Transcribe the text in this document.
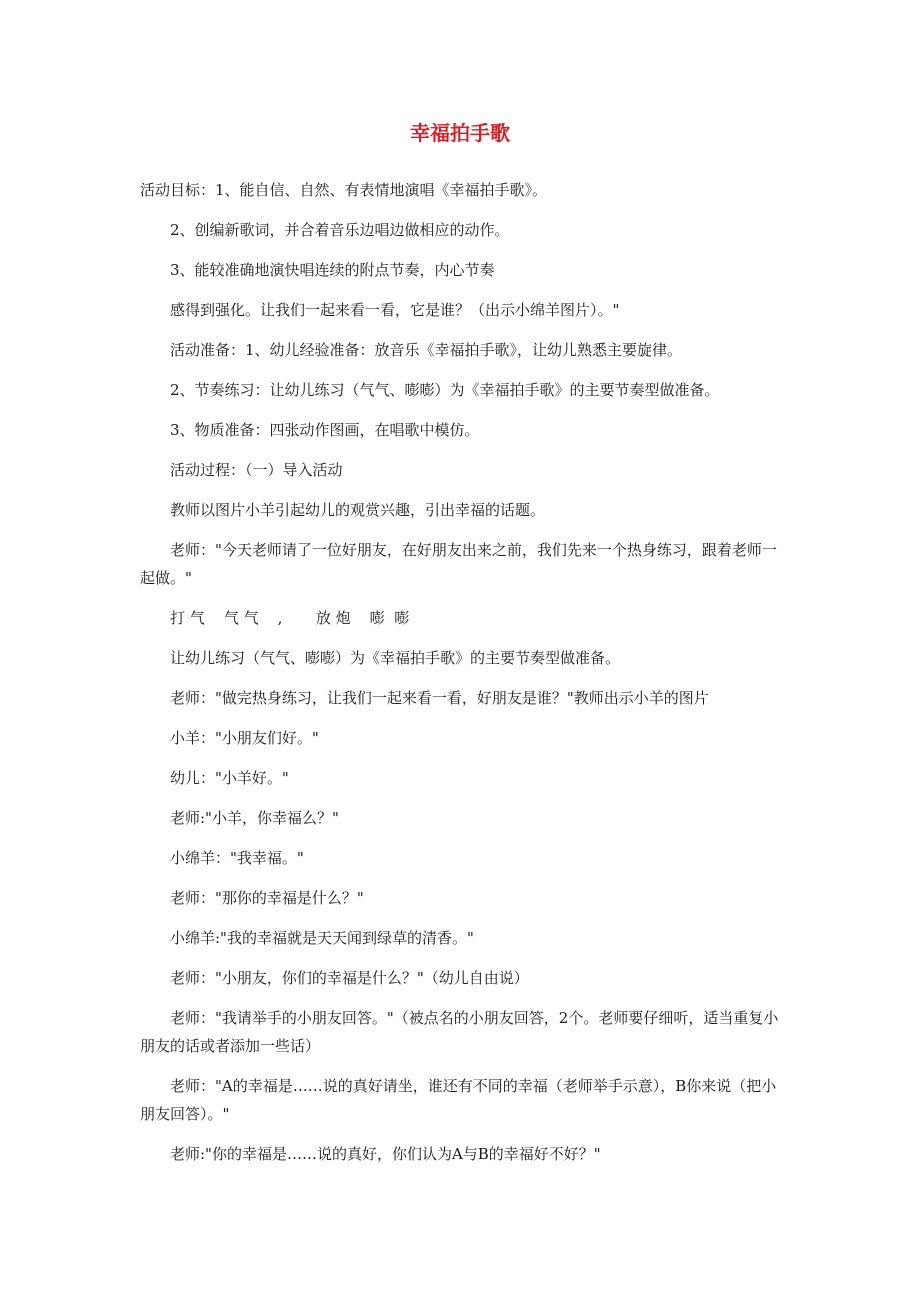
幸福拍手歌

活动目标：1、能自信、自然、有表情地演唱《幸福拍手歌》。

2、创编新歌词，并合着音乐边唱边做相应的动作。

3、能较准确地演快唱连续的附点节奏，内心节奏

感得到强化。让我们一起来看一看，它是谁？（出示小绵羊图片）。"

活动准备：1、幼儿经验准备：放音乐《幸福拍手歌》，让幼儿熟悉主要旋律。

2、节奏练习：让幼儿练习（气气、嘭嘭）为《幸福拍手歌》的主要节奏型做准备。

3、物质准备：四张动作图画，在唱歌中模仿。

活动过程：（一）导入活动

教师以图片小羊引起幼儿的观赏兴趣，引出幸福的话题。

老师："今天老师请了一位好朋友，在好朋友出来之前，我们先来一个热身练习，跟着老师一起做。"

打 气    气 气    ,       放 炮    嘭  嘭

让幼儿练习（气气、嘭嘭）为《幸福拍手歌》的主要节奏型做准备。

老师："做完热身练习，让我们一起来看一看，好朋友是谁？"教师出示小羊的图片

小羊："小朋友们好。"

幼儿："小羊好。"

老师:"小羊，你幸福么？"

小绵羊："我幸福。"

老师："那你的幸福是什么？"

小绵羊:"我的幸福就是天天闻到绿草的清香。"

老师："小朋友，你们的幸福是什么？"（幼儿自由说）

老师："我请举手的小朋友回答。"（被点名的小朋友回答，2个。老师要仔细听，适当重复小朋友的话或者添加一些话）

老师："A的幸福是……说的真好请坐，谁还有不同的幸福（老师举手示意），B你来说（把小朋友回答）。"

老师:"你的幸福是……说的真好，你们认为A与B的幸福好不好？"
